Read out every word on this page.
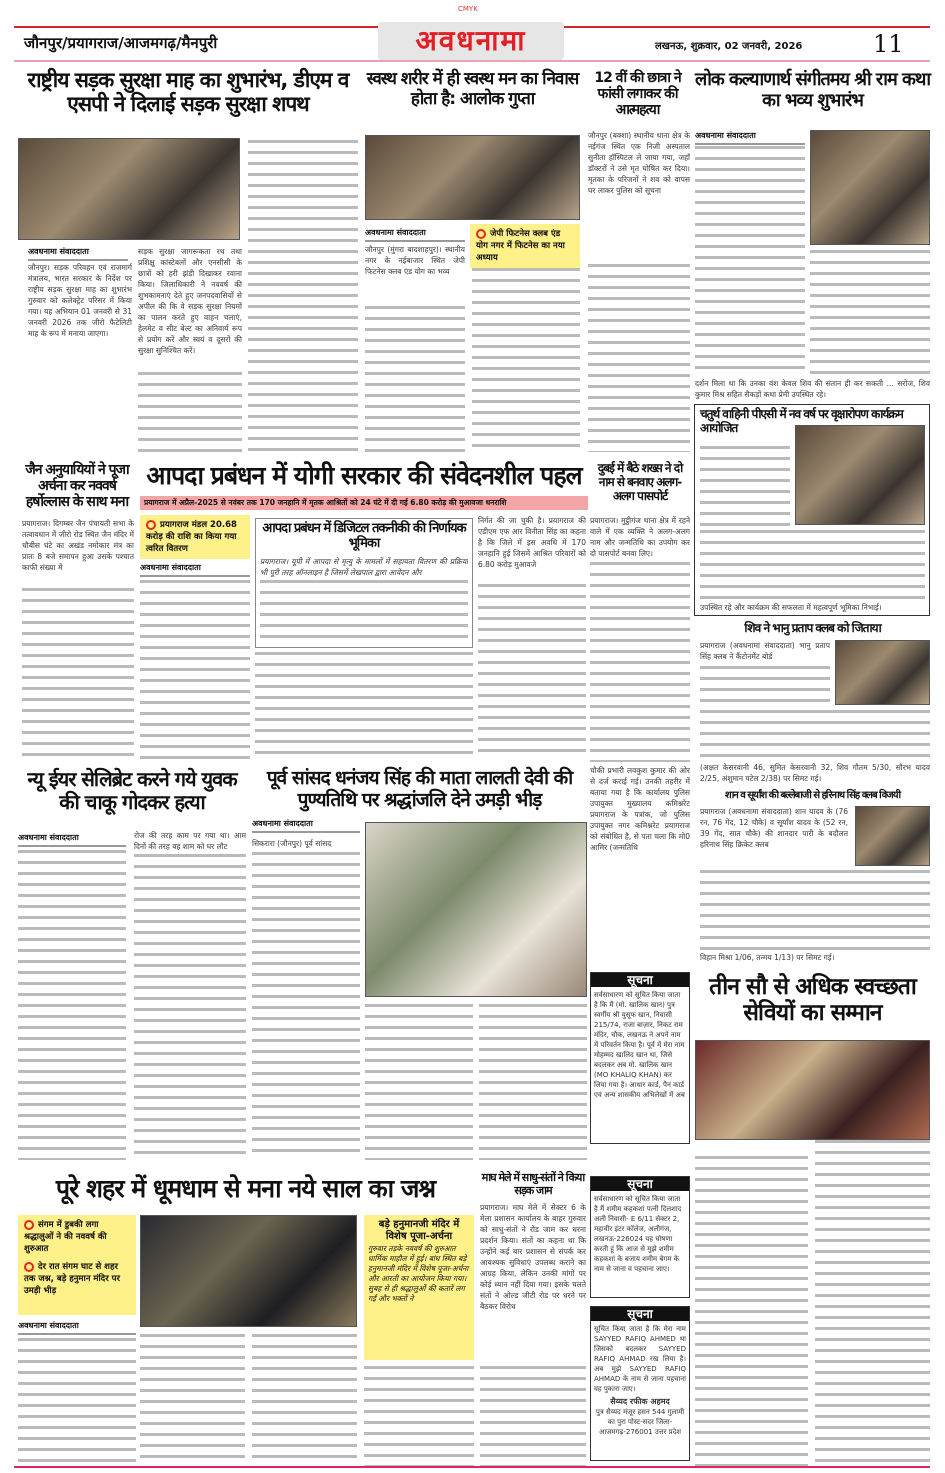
CMYK
जौनपुर/प्रयागराज/आजमगढ़/मैनपुरी	अवधनामा	लखनऊ, शुक्रवार, 02 जनवरी, 2026	11
राष्ट्रीय सड़क सुरक्षा माह का शुभारंभ, डीएम व एसपी ने दिलाई सड़क सुरक्षा शपथ
अवधनामा संवाददाता
जौनपुर। सड़क परिवहन एवं राजमार्ग मंत्रालय, भारत सरकार के निर्देश पर राष्ट्रीय सड़क सुरक्षा माह का शुभारंभ गुरुवार को कलेक्ट्रेट परिसर में किया गया। यह अभियान 01 जनवरी से 31 जनवरी 2026 तक जीरो फैटेलिटी माह के रूप में मनाया जाएगा।
सड़क सुरक्षा जागरूकता रथ तथा प्रशिक्षु कांस्टेबलों और एनसीसी के छात्रों को हरी झंडी दिखाकर रवाना किया। जिलाधिकारी ने नववर्ष की शुभकामनाएं देते हुए जनपदवासियों से अपील की कि वे सड़क सुरक्षा नियमों का पालन करते हुए वाहन चलाएं, हेलमेट व सीट बेल्ट का अनिवार्य रूप से प्रयोग करें और स्वयं व दूसरों की सुरक्षा सुनिश्चित करें।
स्वस्थ शरीर में ही स्वस्थ मन का निवास होता है: आलोक गुप्ता
अवधनामा संवाददाता	जेपी फिटनेस क्लब एंड योग नगर में फिटनेस का नया अध्याय
जौनपुर (मुंगरा बादशाहपुर)। स्थानीय नगर के नईबाजार स्थित जेपी फिटनेस क्लब एंड योग का भव्य
12 वीं की छात्रा ने फांसी लगाकर की आत्महत्या
जौनपुर (बक्शा) स्थानीय थाना क्षेत्र के नईगंज स्थित एक निजी अस्पताल सुनीता हॉस्पिटल ले जाया गया, जहाँ डॉक्टरों ने उसे मृत घोषित कर दिया। मृतका के परिजनों ने शव को वापस घर लाकर पुलिस को सूचना
लोक कल्याणार्थ संगीतमय श्री राम कथा का भव्य शुभारंभ
अवधनामा संवाददाता
दर्शन मिला था कि उनका वंश केवल शिव की संतान ही कर सकती … सरोज, शिव कुमार मिश्र सहित सैकड़ों कथा प्रेमी उपस्थित रहे।
चतुर्थ वाहिनी पीएसी में नव वर्ष पर वृक्षारोपण कार्यक्रम आयोजित
उपस्थित रहे और कार्यक्रम की सफलता में महत्वपूर्ण भूमिका निभाई।
जैन अनुयायियों ने पूजा अर्चना कर नववर्ष हर्षोल्लास के साथ मना
प्रयागराज। दिगम्बर जैन पंचायती सभा के तत्वावधान में जीरो रोड स्थित जैन मंदिर में चौबीस घंटे का अखंड नमोकार मंत्र का प्रातः 8 बजे समापन हुआ उसके पश्चात काफी संख्या में
आपदा प्रबंधन में योगी सरकार की संवेदनशील पहल
प्रयागराज में अप्रैल-2025 से नवंबर तक 170 जनहानि में मृतक आश्रितों को 24 घंटे में दी गई 6.80 करोड़ की मुआवजा धनराशि
प्रयागराज मंडल 20.68 करोड़ की राशि का किया गया त्वरित वितरण
अवधनामा संवाददाता
आपदा प्रबंधन में डिजिटल तकनीकी की निर्णायक भूमिका
प्रयागराज। यूपी में आपदा से मृत्यु के मामलों में सहायता वितरण की प्रक्रिया भी पूरी तरह ऑनलाइन है जिसमें लेखपाल द्वारा आवेदन और
निर्गत की जा चुकी है। प्रयागराज की एडीएम एफ आर विनीता सिंह का कहना है कि जिले में इस अवधि में 170 जनहानि हुई जिसमें आश्रित परिवारों को 6.80 करोड़ मुआवजे
दुबई में बैठे शख्स ने दो नाम से बनवाए अलग-अलग पासपोर्ट
प्रयागराज। मुट्ठीगंज थाना क्षेत्र में रहने वाले में एक व्यक्ति ने अलग-अलग नाम और जन्मतिथि का उपयोग कर दो पासपोर्ट बनवा लिए।
चौकी प्रभारी लवकुश कुमार की ओर से दर्ज कराई गई। उनकी तहरीर में बताया गया है कि कार्यालय पुलिस उपायुक्त मुख्यालय कमिश्नरेट प्रयागराज के पत्रांक, जो पुलिस उपायुक्त नगर कमिश्नरेट प्रयागराज को संबोधित है, से पता चला कि मो0 आमिर (जन्मतिथि
शिव ने भानु प्रताप क्लब को जिताया
प्रयागराज (अवधनामा संवाददाता) भानु प्रताप सिंह क्लब ने कैंटोनमेंट बोर्ड
(अक्षत केसरवानी 46, सुमित केसरवानी 32, शिव गौतम 5/30, सौरभ यादव 2/25, अंशुमान पटेल 2/38) पर सिमट गई।
शान व सूर्यांश की बल्लेबाजी से हरिनाथ सिंह क्लब विजयी
प्रयागराज (अवधनामा संवाददाता) शान यादव के (76 रन, 76 गेंद, 12 चौके) व सूर्यांश यादव के (52 रन, 39 गेंद, सात चौके) की शानदार पारी के बदौलत हरिनाथ सिंह क्रिकेट क्लब
विहान मिश्रा 1/06, तन्मय 1/13) पर सिमट गई।
न्यू ईयर सेलिब्रेट करने गये युवक की चाकू गोदकर हत्या
अवधनामा संवाददाता	रोज की तरह काम पर गया था। आम दिनों की तरह वह शाम को घर लौट
पूर्व सांसद धनंजय सिंह की माता लालती देवी की पुण्यतिथि पर श्रद्धांजलि देने उमड़ी भीड़
अवधनामा संवाददाता
सिकरारा (जौनपुर) पूर्व सांसद
सूचना
सर्वसाधारण को सूचित किया जाता है कि मैं (मो. खालिक खान) पुत्र स्वर्गीय श्री युसूफ खान, निवासी 215/74, राजा बाज़ार, निकट राम मंदिर, चौक, लखनऊ ने अपने नाम में परिवर्तन किया है। पूर्व में मेरा नाम मोहम्मद खालिद खान था, जिसे बदलकर अब मो. खालिक खान (MO KHALIQ KHAN) कर लिया गया है। आधार कार्ड, पैन कार्ड एवं अन्य शासकीय अभिलेखों में अब
तीन सौ से अधिक स्वच्छता सेवियों का सम्मान
पूरे शहर में धूमधाम से मना नये साल का जश्न
संगम में डुबकी लगा श्रद्धालुओं ने की नववर्ष की शुरुआत
देर रात संगम घाट से शहर तक जश्न, बड़े हनुमान मंदिर पर उमड़ी भीड़
अवधनामा संवाददाता
बड़े हनुमानजी मंदिर में विशेष पूजा-अर्चना
गुरुवार तड़के नववर्ष की शुरुआत धार्मिक माहौल में हुई। बांध स्थित बड़े हनुमानजी मंदिर में विशेष पूजा-अर्चना और आरती का आयोजन किया गया। सुबह से ही श्रद्धालुओं की कतारें लग गईं और भक्तों ने
माघ मेले में साधु-संतों ने किया सड़क जाम
प्रयागराज। माघ मेले में सेक्टर 6 के मेला प्रशासन कार्यालय के बाहर गुरुवार को साधु-संतों ने रोड जाम कर धरना प्रदर्शन किया। संतों का कहना था कि उन्होंने कई बार प्रशासन से संपर्क कर आवश्यक सुविधाएं उपलब्ध कराने का आग्रह किया, लेकिन उनकी मांगों पर कोई ध्यान नहीं दिया गया। इसके चलते संतों ने ओल्ड जीटी रोड पर धरने पर बैठकर विरोध
सूचना
सर्वसाधारण को सूचित किया जाता है मैं शमीम कहकशां पत्नी दिलशाद अली निवासी- E 6/11 सेक्टर 2, महावीर इंटर कॉलेज, अलीगंज, लखनऊ-226024 यह घोषणा करती हूं कि आज से मुझे शमीम कहकशां के बजाय शमीम बेगम के नाम से जाना व पहचाना जाए।
सूचना
सूचित किया जाता है कि मेरा नाम SAYYED RAFIQ AHMED था जिसको बदलकर SAYYED RAFIQ AHMAD रख लिया है। अब मुझे SAYYED RAFIQ AHMAD के नाम से जाना पहचाना वह पुकारा जाए।
सैय्यद रफीक अहमद
पुत्र सैय्यद मंजूर हसन 544 गुलामी का पुरा पोस्ट-सदर जिला-आजमगढ़-276001 उत्तर प्रदेश
